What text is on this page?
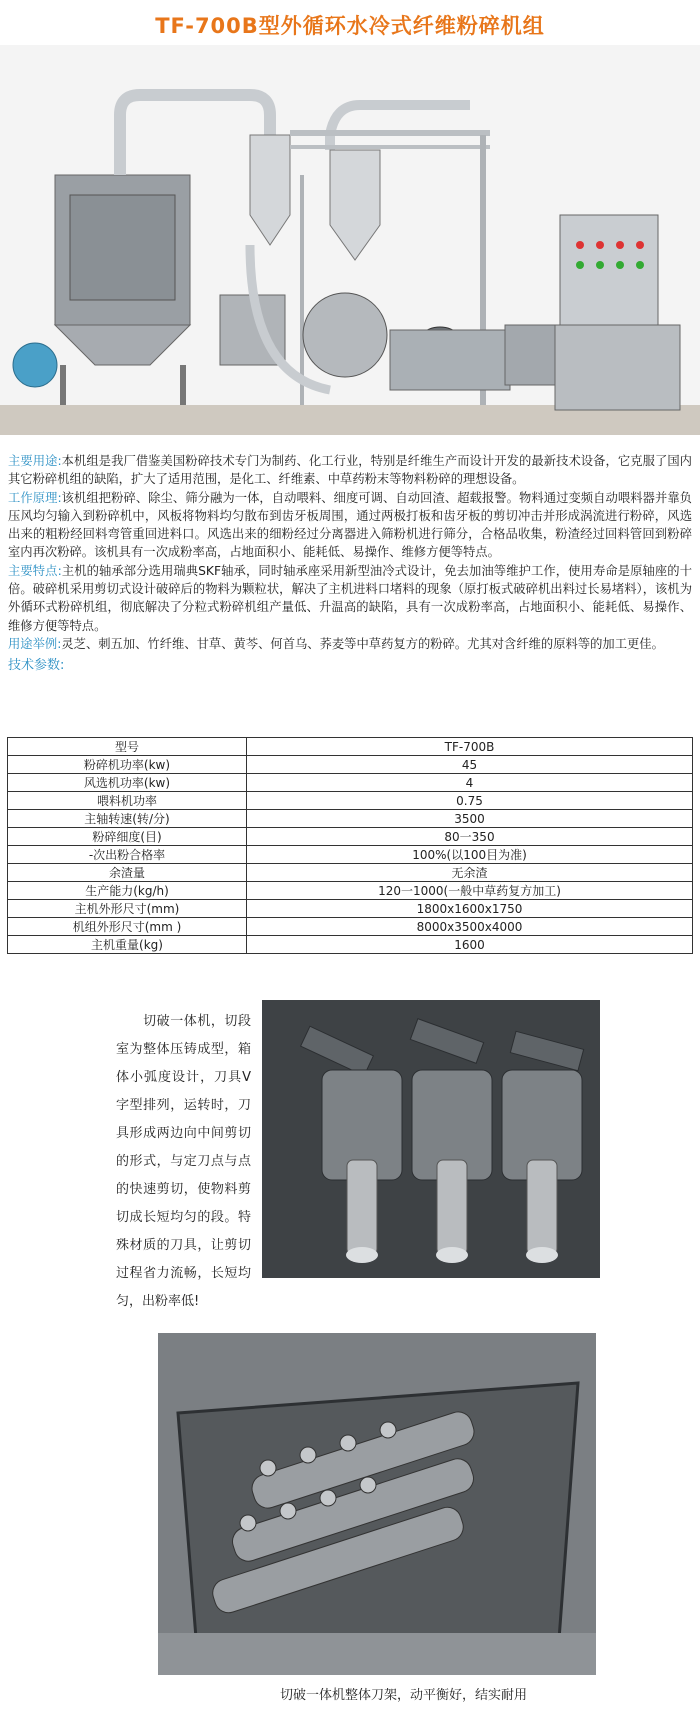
TF-700B型外循环水冷式纤维粉碎机组

主要用途:本机组是我厂借鉴美国粉碎技术专门为制药、化工行业，特别是纤维生产而设计开发的最新技术设备，它克服了国内其它粉碎机组的缺陷，扩大了适用范围，是化工、纤维素、中草药粉末等物料粉碎的理想设备。

工作原理:该机组把粉碎、除尘、筛分融为一体，自动喂料、细度可调、自动回渣、超载报警。物料通过变频自动喂料器并靠负压风均匀输入到粉碎机中，风板将物料均匀散布到齿牙板周围，通过两极打板和齿牙板的剪切冲击并形成涡流进行粉碎，风选出来的粗粉经回料弯管重回进料口。风选出来的细粉经过分离器进入筛粉机进行筛分，合格品收集，粉渣经过回料管回到粉碎室内再次粉碎。该机具有一次成粉率高，占地面积小、能耗低、易操作、维修方便等特点。

主要特点:主机的轴承部分选用瑞典SKF轴承，同时轴承座采用新型油冷式设计，免去加油等维护工作，使用寿命是原轴座的十倍。破碎机采用剪切式设计破碎后的物料为颗粒状，解决了主机进料口堵料的现象（原打板式破碎机出料过长易堵料），该机为外循环式粉碎机组，彻底解决了分粒式粉碎机组产量低、升温高的缺陷，具有一次成粉率高，占地面积小、能耗低、易操作、维修方便等特点。

用途举例:灵芝、刺五加、竹纤维、甘草、黄芩、何首乌、荞麦等中草药复方的粉碎。尤其对含纤维的原料等的加工更佳。

技术参数:

型号	TF-700B
粉碎机功率(kw)	45
风选机功率(kw)	4
喂料机功率	0.75
主轴转速(转/分)	3500
粉碎细度(目)	80一350
-次出粉合格率	100%(以100目为准)
余渣量	无余渣
生产能力(kg/h)	120一1000(一般中草药复方加工)
主机外形尺寸(mm)	1800x1600x1750
机组外形尺寸(mm )	8000x3500x4000
主机重量(kg)	1600
　　切破一体机，切段室为整体压铸成型，箱体小弧度设计，刀具V字型排列，运转时，刀具形成两边向中间剪切的形式，与定刀点与点的快速剪切，使物料剪切成长短均匀的段。特殊材质的刀具，让剪切过程省力流畅，长短均匀，出粉率低!
切破一体机整体刀架，动平衡好，结实耐用
